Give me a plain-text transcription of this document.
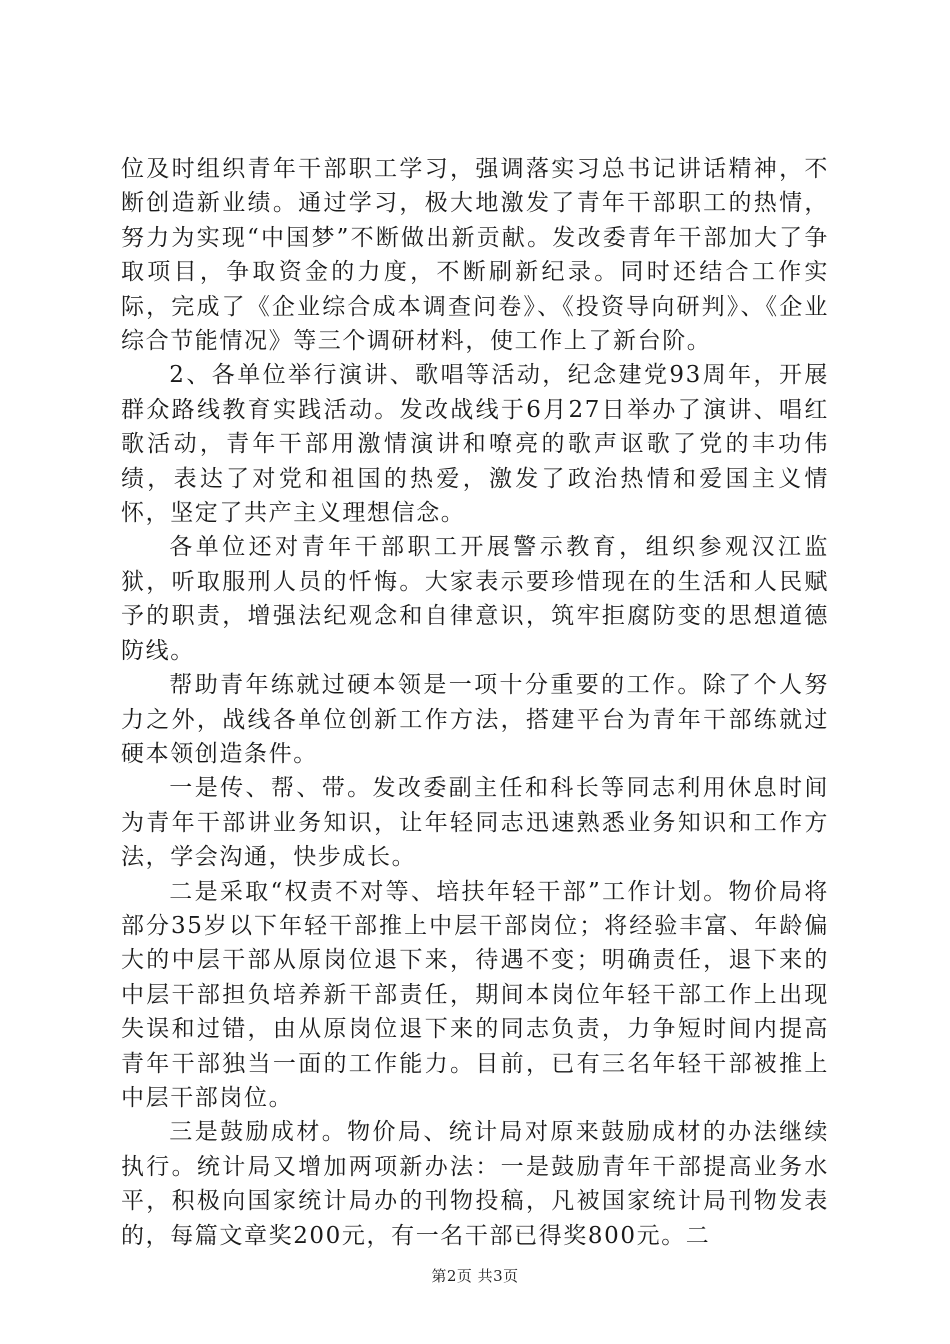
位及时组织青年干部职工学习，强调落实习总书记讲话精神，不断创造新业绩。通过学习，极大地激发了青年干部职工的热情，努力为实现“中国梦”不断做出新贡献。发改委青年干部加大了争取项目，争取资金的力度，不断刷新纪录。同时还结合工作实际，完成了《企业综合成本调查问卷》、《投资导向研判》、《企业综合节能情况》等三个调研材料，使工作上了新台阶。

2、各单位举行演讲、歌唱等活动，纪念建党93周年，开展群众路线教育实践活动。发改战线于6月27日举办了演讲、唱红歌活动，青年干部用激情演讲和嘹亮的歌声讴歌了党的丰功伟绩，表达了对党和祖国的热爱，激发了政治热情和爱国主义情怀，坚定了共产主义理想信念。

各单位还对青年干部职工开展警示教育，组织参观汉江监狱，听取服刑人员的忏悔。大家表示要珍惜现在的生活和人民赋予的职责，增强法纪观念和自律意识，筑牢拒腐防变的思想道德防线。

帮助青年练就过硬本领是一项十分重要的工作。除了个人努力之外，战线各单位创新工作方法，搭建平台为青年干部练就过硬本领创造条件。

一是传、帮、带。发改委副主任和科长等同志利用休息时间为青年干部讲业务知识，让年轻同志迅速熟悉业务知识和工作方法，学会沟通，快步成长。

二是采取“权责不对等、培扶年轻干部”工作计划。物价局将部分35岁以下年轻干部推上中层干部岗位；将经验丰富、年龄偏大的中层干部从原岗位退下来，待遇不变；明确责任，退下来的中层干部担负培养新干部责任，期间本岗位年轻干部工作上出现失误和过错，由从原岗位退下来的同志负责，力争短时间内提高青年干部独当一面的工作能力。目前，已有三名年轻干部被推上中层干部岗位。

三是鼓励成材。物价局、统计局对原来鼓励成材的办法继续执行。统计局又增加两项新办法：一是鼓励青年干部提高业务水平，积极向国家统计局办的刊物投稿，凡被国家统计局刊物发表的，每篇文章奖200元，有一名干部已得奖800元。二

第2页 共3页
